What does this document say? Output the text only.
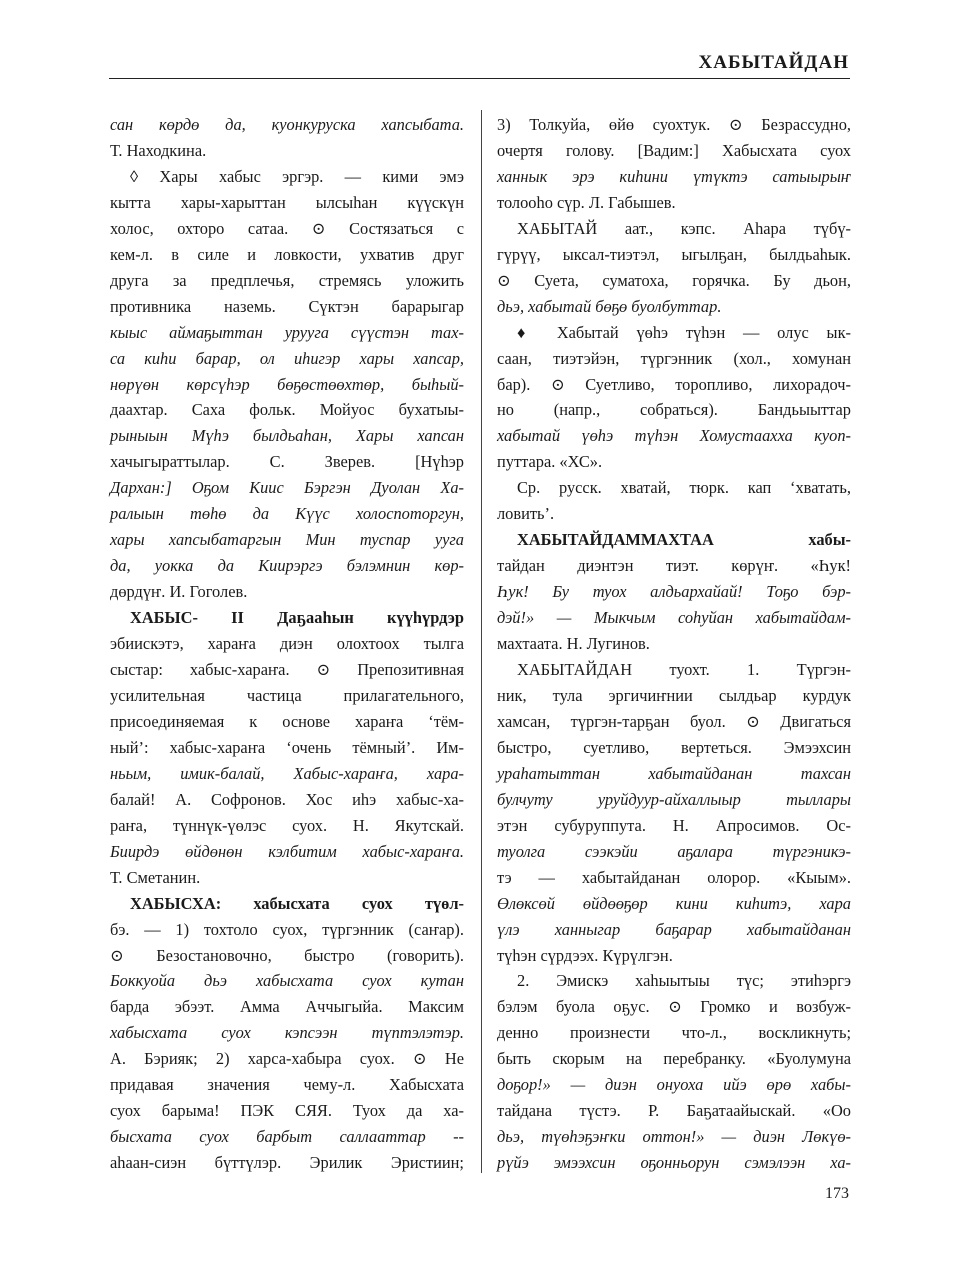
ХАБЫТАЙДАН
сан көрдө да, куонкуруска хапсыбата.
Т. Находкина.
◊ Хары хабыс эргэр. — кими эмэ
кытта хары-харыттан ылсыһан күүскүн
холос, охторо сатаа. ⊙ Состязаться с
кем-л. в силе и ловкости, ухватив друг
друга за предплечья, стремясь уложить
противника наземь. Сүктэн барарыгар
кыыс аймаҕыттан уруугa сүүстэн тах-
са киһи барар, ол иһигэр хары хапсар,
нөрүөн көрсүһэр бөҕөстөөхтөр, быһый-
даахтар. Саха фольк. Мойуос бухатыы-
рыныын Мүһэ былдьаһан, Хары хапсан
хачыгыраттылар. С. Зверев. [Нүһэр
Дархан:] Оҕом Киис Бэргэн Дуолан Ха-
ралыын төһө да Күүс холоспоторгун,
хары хапсыбатаргын Мин туспар ууга
да, уокка да Киирэргэ бэлэмнин көр-
дөрдүҥ. И. Гоголев.
ХАБЫС- II Даҕааһын күүһүрдэр
эбиискэтэ, хараҥа диэн олохтоох тылга
сыстар: хабыс-хараҥа. ⊙ Препозитивная
усилительная частица прилагательного,
присоединяемая к основе хараҥа ‘тём-
ный’: хабыс-хараҥа ‘очень тёмный’. Им-
ньым, имик-балай, Хабыс-хараҥа, хара-
балай! А. Софронов. Хос иһэ хабыс-ха-
раҥа, түннүк-үөлэс суох. Н. Якутскай.
Биирдэ өйдөнөн кэлбитим хабыс-хараҥа.
Т. Сметанин.
ХАБЫСХА: хабысхата суох түөл-
бэ. — 1) тохтоло суох, түргэнник (саҥар).
⊙ Безостановочно, быстро (говорить).
Боккуойа дьэ хабысхата суох кутан
барда эбээт. Амма Аччыгыйа. Максим
хабысхата суох кэпсээн түптэлэтэр.
А. Бэрияк; 2) харса-хабыра суох. ⊙ Не
придавая значения чему-л. Хабысхата
суох барыма! ПЭК СЯЯ. Туох да ха-
бысхата суох барбыт саллааттар --
аһаан-сиэн бүттүлэр. Эрилик Эристиин;
3) Толкуйа, өйө суохтук. ⊙ Безрассудно,
очертя голову. [Вадим:] Хабысхата суох
ханнык эрэ киһини үтүктэ сатыырыҥ
толооһо сүр. Л. Габышев.
ХАБЫТАЙ аат., кэпс. Аһара түбү-
гүрүү, ыксал-тиэтэл, ыгылҕан, былдьаһык.
⊙ Суета, суматоха, горячка. Бу дьон,
дьэ, хабытай бөҕө буолбуттар.
♦ Хабытай үөһэ түһэн — олус ык-
саан, тиэтэйэн, түргэнник (хол., хомунан
бар). ⊙ Суетливо, торопливо, лихорадоч-
но (напр., собраться). Бандьыыттар
хабытай үөһэ түһэн Хомустаахха куоп-
путтара. «ХС».
Ср. русск. хватай, тюрк. кап ‘хватать,
ловить’.
ХАБЫТАЙДАММАХТАА хабы-
тайдан диэнтэн тиэт. көрүҥ. «Һук!
Һук! Бу туох алдьархайай! Тоҕо бэр-
дэй!» — Мыкчым соһуйан хабытайдам-
махтаата. Н. Лугинов.
ХАБЫТАЙДАН туохт. 1. Түргэн-
ник, тула эргичиҥнии сылдьар курдук
хамсан, түргэн-тарҕан буол. ⊙ Двигаться
быстро, суетливо, вертеться. Эмээхсин
ураһатыттан хабытайданан тахсан
булчуту уруйдуур-айхаллыыр тыллары
этэн субуруппута. Н. Апросимов. Ос-
туолга сээкэйи аҕалара түргэникэ-
тэ — хабытайданан олорор. «Кыым».
Өлөксөй өйдөөҕөр кини киһитэ, хара
үлэ ханныгар баҕарар хабытайданан
түһэн сүрдээх. Күрүлгэн.
2. Эмискэ хаһыытыы түс; этиһэргэ
бэлэм буола оҕус. ⊙ Громко и возбуж-
денно произнести что-л., воскликнуть;
быть скорым на перебранку. «Буолумуна
доҕор!» — диэн онуоха ийэ өрө хабы-
тайдана түстэ. Р. Баҕатаайыскай. «Оо
дьэ, түөһэҕэҥки оттон!» — диэн Лөкүө-
рүйэ эмээхсин оҕонньорун сэмэлээн ха-
173
